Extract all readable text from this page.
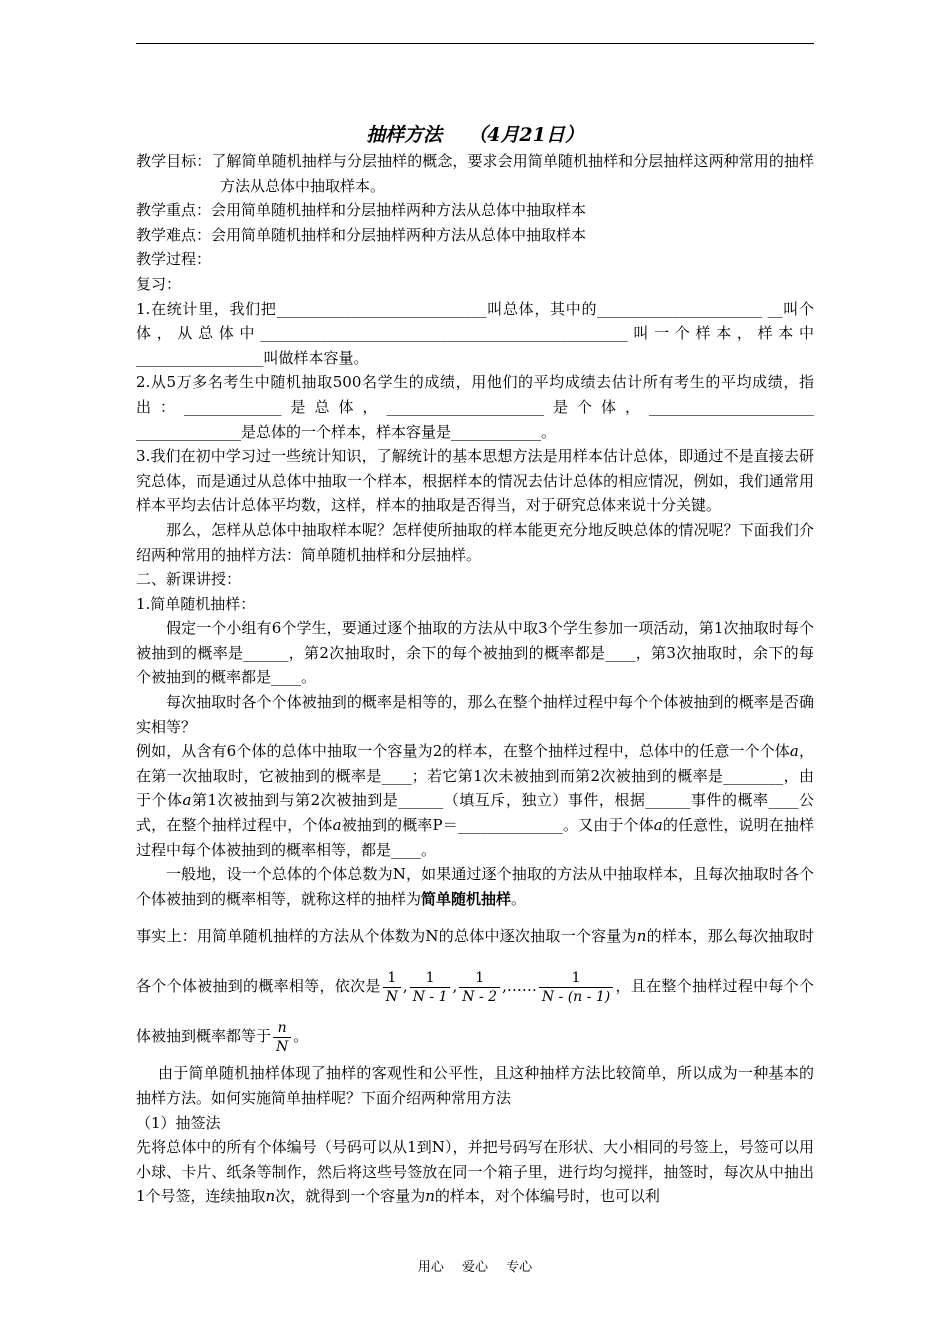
抽样方法 （4月21日）

教学目标：了解简单随机抽样与分层抽样的概念，要求会用简单随机抽样和分层抽样这两种常用的抽样方法从总体中抽取样本。

教学重点：会用简单随机抽样和分层抽样两种方法从总体中抽取样本

教学难点：会用简单随机抽样和分层抽样两种方法从总体中抽取样本

教学过程：

复习：

1.在统计里，我们把____________________________叫总体，其中的______________________ __叫个体，从总体中_________________________________________________叫一个样本，样本中_________________叫做样本容量。

2.从5万多名考生中随机抽取500名学生的成绩，用他们的平均成绩去估计所有考生的平均成绩，指出：_____________是总体，_____________________是个体，______________________ ______________是总体的一个样本，样本容量是____________。

3.我们在初中学习过一些统计知识，了解统计的基本思想方法是用样本估计总体，即通过不是直接去研究总体，而是通过从总体中抽取一个样本，根据样本的情况去估计总体的相应情况，例如，我们通常用样本平均去估计总体平均数，这样，样本的抽取是否得当，对于研究总体来说十分关键。

那么，怎样从总体中抽取样本呢？怎样使所抽取的样本能更充分地反映总体的情况呢？下面我们介绍两种常用的抽样方法：简单随机抽样和分层抽样。

二、新课讲授：

1.简单随机抽样：

假定一个小组有6个学生，要通过逐个抽取的方法从中取3个学生参加一项活动，第1次抽取时每个被抽到的概率是______，第2次抽取时，余下的每个被抽到的概率都是____，第3次抽取时，余下的每个被抽到的概率都是____。

每次抽取时各个个体被抽到的概率是相等的，那么在整个抽样过程中每个个体被抽到的概率是否确实相等？

例如，从含有6个体的总体中抽取一个容量为2的样本，在整个抽样过程中，总体中的任意一个个体a，在第一次抽取时，它被抽到的概率是____；若它第1次未被抽到而第2次被抽到的概率是________，由于个体a第1次被抽到与第2次被抽到是______（填互斥，独立）事件，根据______事件的概率____公式，在整个抽样过程中，个体a被抽到的概率P＝______________。又由于个体a的任意性，说明在抽样过程中每个体被抽到的概率相等，都是____。

一般地，设一个总体的个体总数为N，如果通过逐个抽取的方法从中抽取样本，且每次抽取时各个个体被抽到的概率相等，就称这样的抽样为简单随机抽样。

事实上：用简单随机抽样的方法从个体数为N的总体中逐次抽取一个容量为n的样本，那么每次抽取时各个个体被抽到的概率相等，依次是 $\frac{1}{N}$ , $\frac{1}{N - 1}$ , $\frac{1}{N - 2}$ ,…… $\frac{1}{N - (n - 1)}$ ，且在整个抽样过程中每个个体被抽到概率都等于 $\frac{n}{N}$ 。

由于简单随机抽样体现了抽样的客观性和公平性，且这种抽样方法比较简单，所以成为一种基本的抽样方法。如何实施简单抽样呢？下面介绍两种常用方法

（1）抽签法

先将总体中的所有个体编号（号码可以从1到N），并把号码写在形状、大小相同的号签上，号签可以用小球、卡片、纸条等制作，然后将这些号签放在同一个箱子里，进行均匀搅拌，抽签时，每次从中抽出1个号签，连续抽取n次，就得到一个容量为n的样本，对个体编号时，也可以利

用心 爱心 专心
